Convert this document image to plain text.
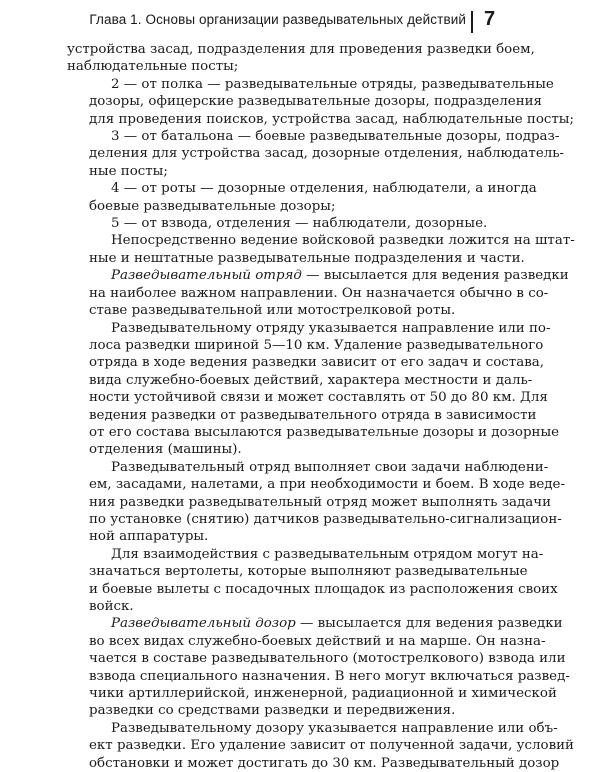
Глава 1. Основы организации разведывательных действий 7
устройства засад, подразделения для проведения разведки боем,
наблюдательные посты;
2 — от полка — разведывательные отряды, разведывательные
дозоры, офицерские разведывательные дозоры, подразделения
для проведения поисков, устройства засад, наблюдательные посты;
3 — от батальона — боевые разведывательные дозоры, подраз-
деления для устройства засад, дозорные отделения, наблюдатель-
ные посты;
4 — от роты — дозорные отделения, наблюдатели, а иногда
боевые разведывательные дозоры;
5 — от взвода, отделения — наблюдатели, дозорные.
Непосредственно ведение войсковой разведки ложится на штат-
ные и нештатные разведывательные подразделения и части.
Разведывательный отряд — высылается для ведения разведки
на наиболее важном направлении. Он назначается обычно в со-
ставе разведывательной или мотострелковой роты.
Разведывательному отряду указывается направление или по-
лоса разведки шириной 5—10 км. Удаление разведывательного
отряда в ходе ведения разведки зависит от его задач и состава,
вида служебно-боевых действий, характера местности и даль-
ности устойчивой связи и может составлять от 50 до 80 км. Для
ведения разведки от разведывательного отряда в зависимости
от его состава высылаются разведывательные дозоры и дозорные
отделения (машины).
Разведывательный отряд выполняет свои задачи наблюдени-
ем, засадами, налетами, а при необходимости и боем. В ходе веде-
ния разведки разведывательный отряд может выполнять задачи
по установке (снятию) датчиков разведывательно-сигнализацион-
ной аппаратуры.
Для взаимодействия с разведывательным отрядом могут на-
значаться вертолеты, которые выполняют разведывательные
и боевые вылеты с посадочных площадок из расположения своих
войск.
Разведывательный дозор — высылается для ведения разведки
во всех видах служебно-боевых действий и на марше. Он назна-
чается в составе разведывательного (мотострелкового) взвода или
взвода специального назначения. В него могут включаться развед-
чики артиллерийской, инженерной, радиационной и химической
разведки со средствами разведки и передвижения.
Разведывательному дозору указывается направление или объ-
ект разведки. Его удаление зависит от полученной задачи, условий
обстановки и может достигать до 30 км. Разведывательный дозор
